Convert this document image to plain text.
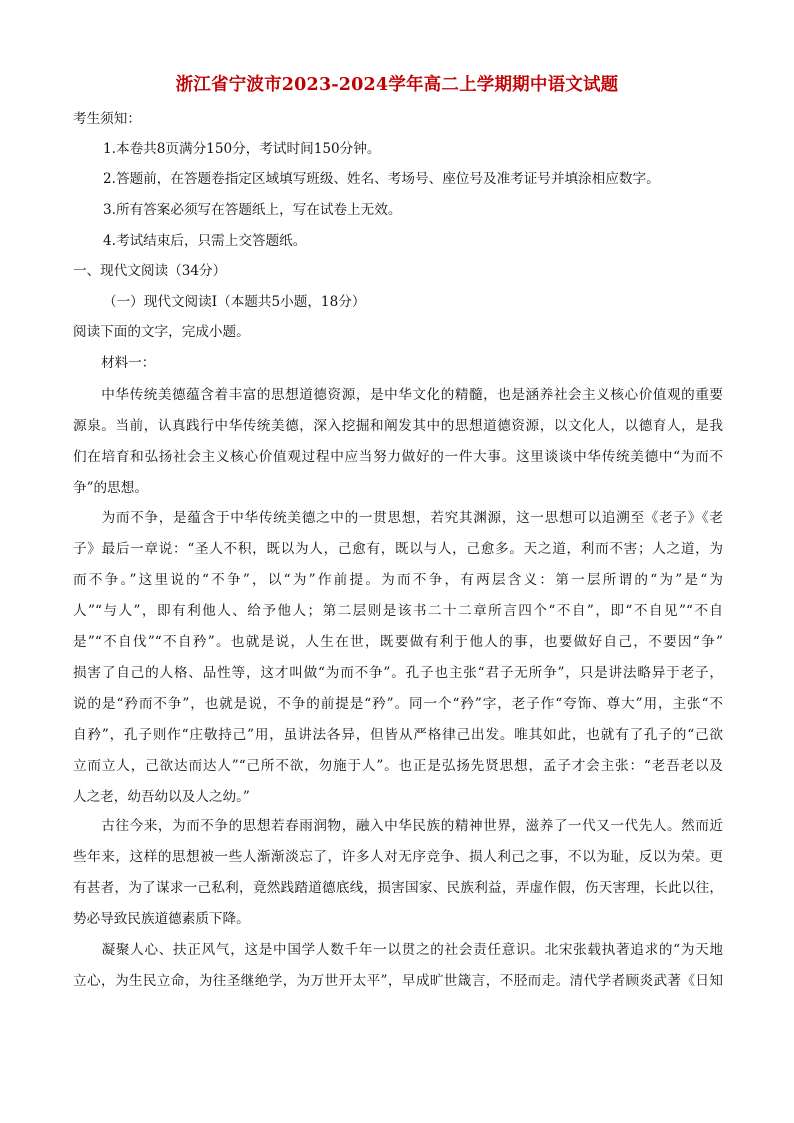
浙江省宁波市2023-2024学年高二上学期期中语文试题
考生须知：
1.本卷共8页满分150分，考试时间150分钟。
2.答题前，在答题卷指定区域填写班级、姓名、考场号、座位号及准考证号并填涂相应数字。
3.所有答案必须写在答题纸上，写在试卷上无效。
4.考试结束后，只需上交答题纸。
一、现代文阅读（34分）
（一）现代文阅读Ⅰ（本题共5小题，18分）
阅读下面的文字，完成小题。
材料一：
　　中华传统美德蕴含着丰富的思想道德资源，是中华文化的精髓，也是涵养社会主义核心价值观的重要
源泉。当前，认真践行中华传统美德，深入挖掘和阐发其中的思想道德资源，以文化人，以德育人，是我
们在培育和弘扬社会主义核心价值观过程中应当努力做好的一件大事。这里谈谈中华传统美德中“为而不
争”的思想。
　　为而不争，是蕴含于中华传统美德之中的一贯思想，若究其渊源，这一思想可以追溯至《老子》《老
子》最后一章说：“圣人不积，既以为人，己愈有，既以与人，己愈多。天之道，利而不害；人之道，为
而不争。”这里说的“不争”，以“为”作前提。为而不争，有两层含义：第一层所谓的“为”是“为
人”“与人”，即有利他人、给予他人；第二层则是该书二十二章所言四个“不自”，即“不自见”“不自
是”“不自伐”“不自矜”。也就是说，人生在世，既要做有利于他人的事，也要做好自己，不要因“争”
损害了自己的人格、品性等，这才叫做“为而不争”。孔子也主张“君子无所争”，只是讲法略异于老子，
说的是“矜而不争”，也就是说，不争的前提是“矜”。同一个“矜”字，老子作“夸饰、尊大”用，主张“不
自矜”，孔子则作“庄敬持己”用，虽讲法各异，但皆从严格律己出发。唯其如此，也就有了孔子的“己欲
立而立人，己欲达而达人”“己所不欲，勿施于人”。也正是弘扬先贤思想，孟子才会主张：“老吾老以及
人之老，幼吾幼以及人之幼。”
　　古往今来，为而不争的思想若春雨润物，融入中华民族的精神世界，滋养了一代又一代先人。然而近
些年来，这样的思想被一些人渐渐淡忘了，许多人对无序竞争、损人利己之事，不以为耻，反以为荣。更
有甚者，为了谋求一己私利，竟然践踏道德底线，损害国家、民族利益，弄虚作假，伤天害理，长此以往，
势必导致民族道德素质下降。
　　凝聚人心、扶正风气，这是中国学人数千年一以贯之的社会责任意识。北宋张载执著追求的“为天地
立心，为生民立命，为往圣继绝学，为万世开太平”，早成旷世箴言，不胫而走。清代学者顾炎武著《日知
